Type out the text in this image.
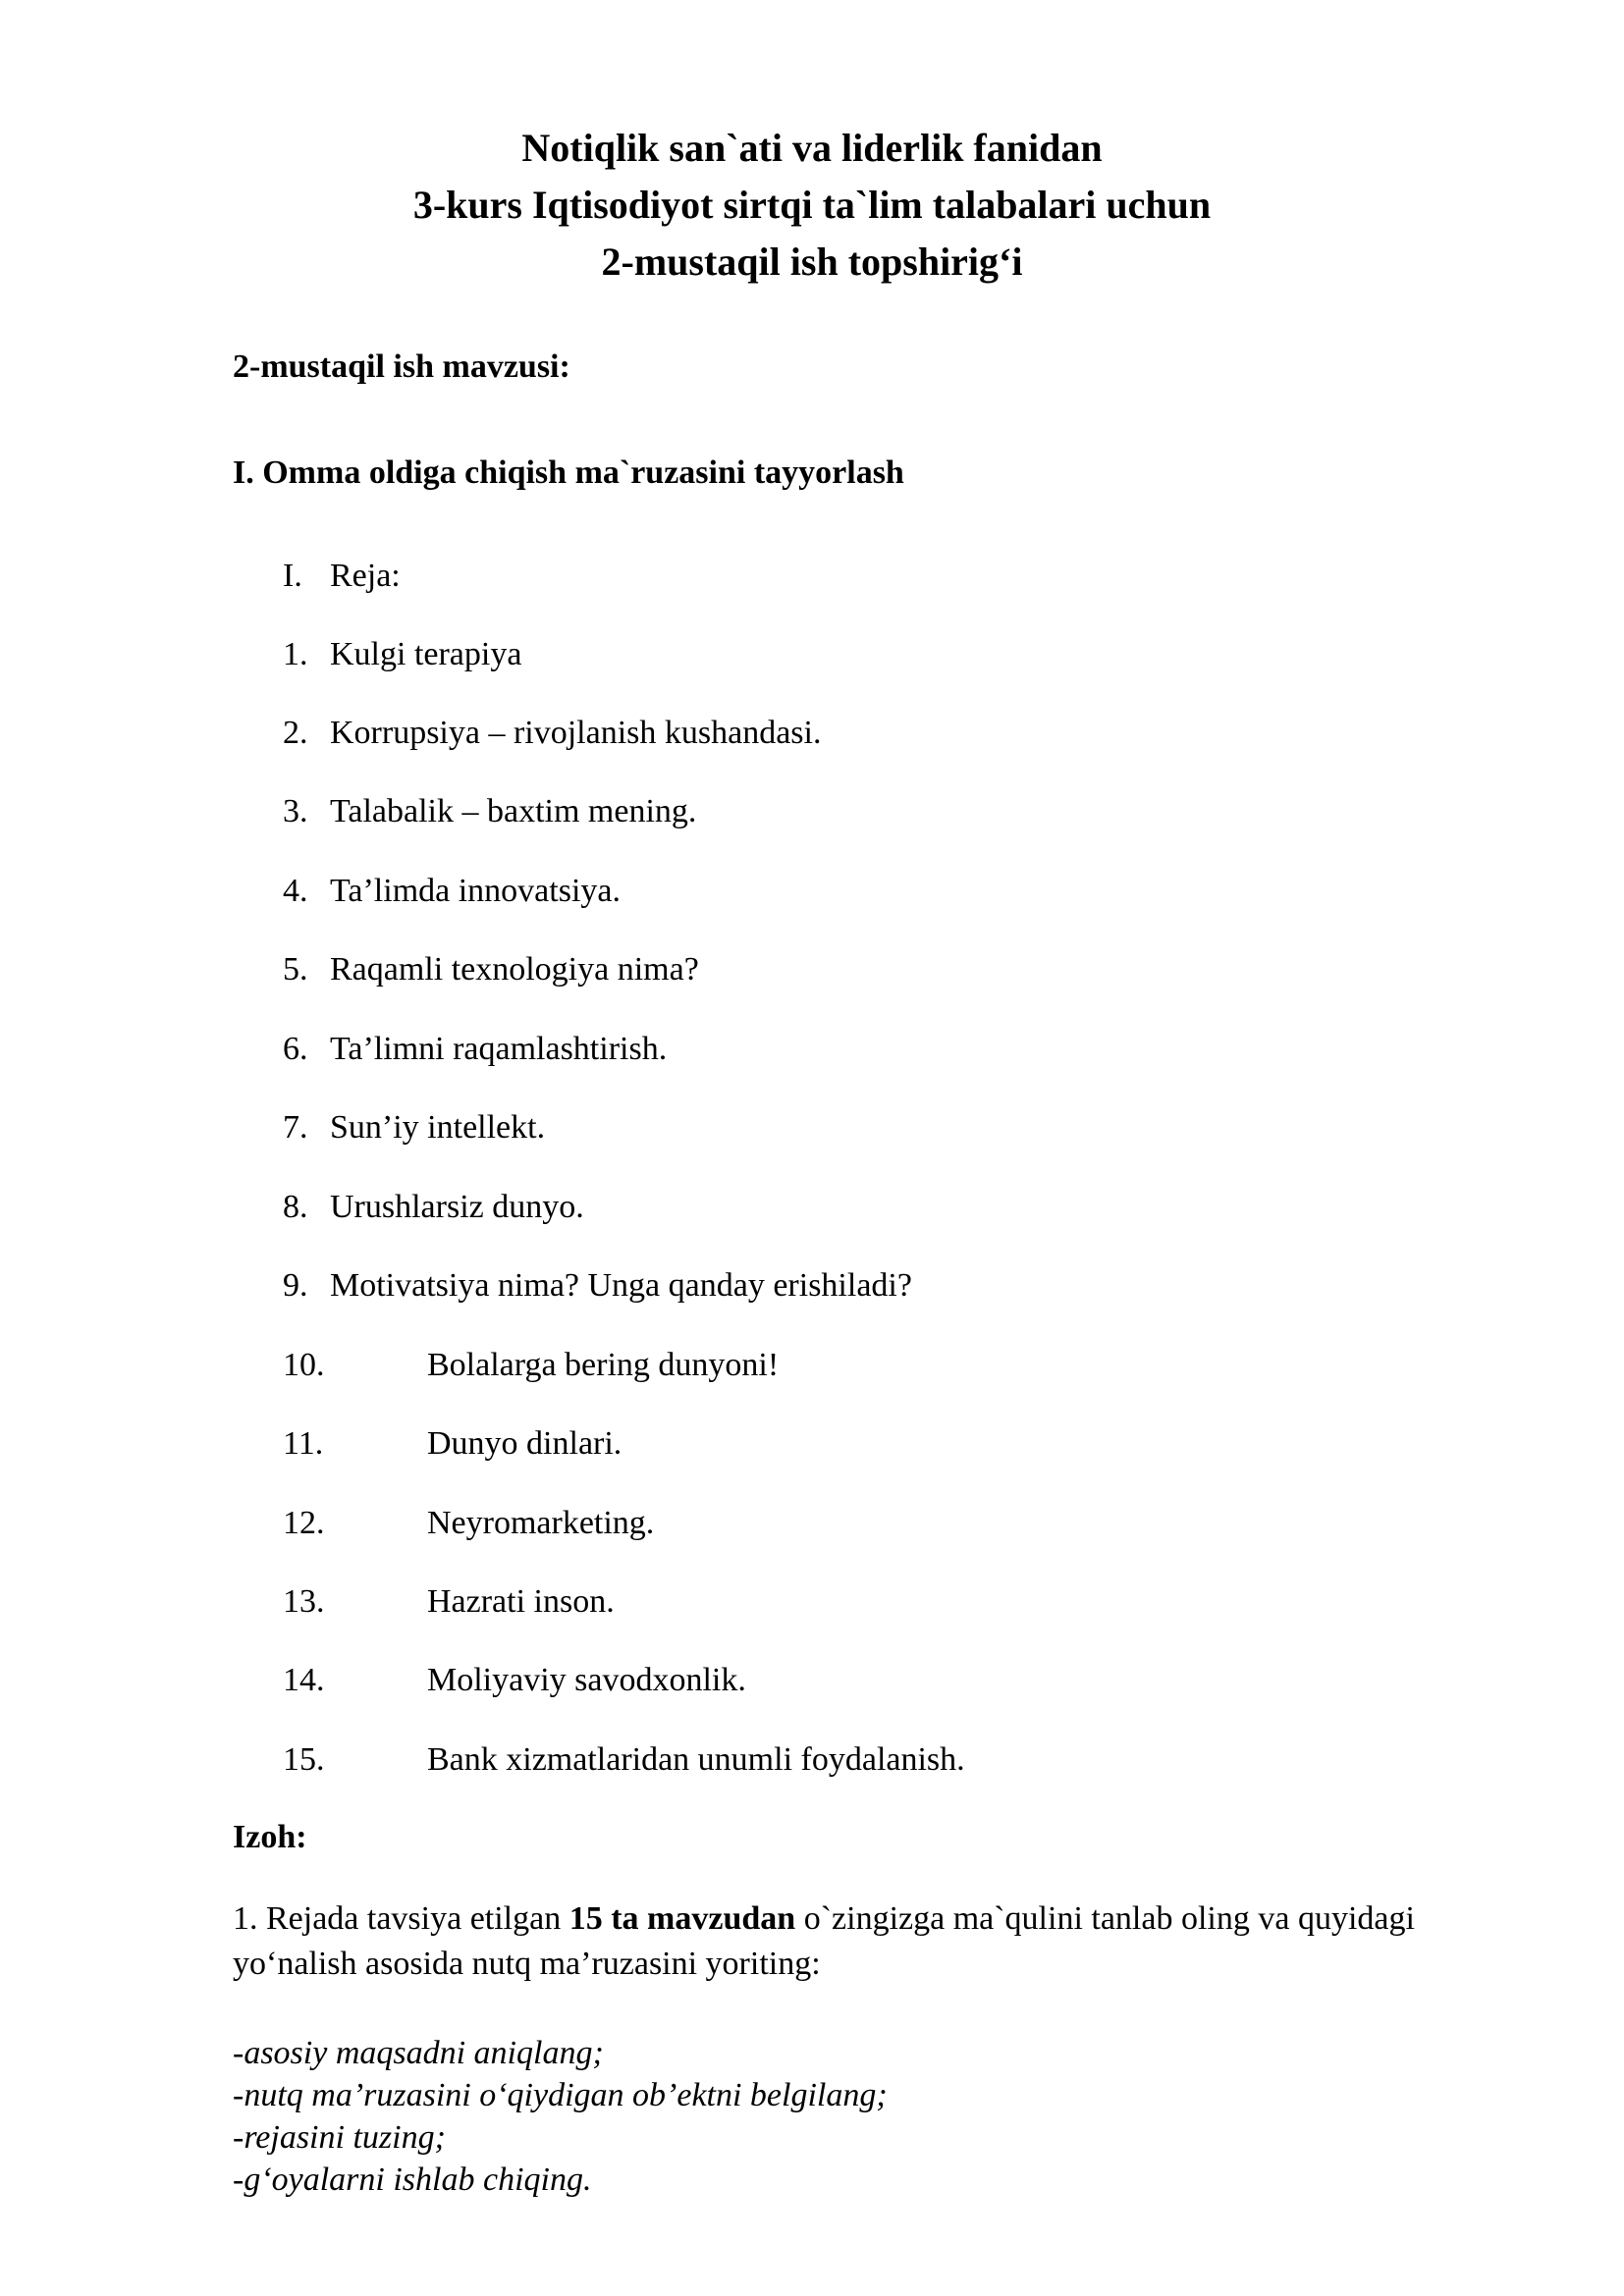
Notiqlik san`ati va liderlik fanidan
3-kurs Iqtisodiyot sirtqi ta`lim talabalari uchun
2-mustaqil ish topshirig‘i
2-mustaqil ish mavzusi:
I. Omma oldiga chiqish ma`ruzasini tayyorlash
I. Reja:
1. Kulgi terapiya
2. Korrupsiya – rivojlanish kushandasi.
3. Talabalik – baxtim mening.
4. Ta’limda innovatsiya.
5. Raqamli texnologiya nima?
6. Ta’limni raqamlashtirish.
7. Sun’iy intellekt.
8. Urushlarsiz dunyo.
9. Motivatsiya nima? Unga qanday erishiladi?
10.	Bolalarga bering dunyoni!
11.	Dunyo dinlari.
12.	Neyromarketing.
13.	Hazrati inson.
14.	Moliyaviy savodxonlik.
15.	Bank xizmatlaridan unumli foydalanish.
Izoh:
1. Rejada tavsiya etilgan 15 ta mavzudan o`zingizga ma`qulini tanlab oling va quyidagi yo‘nalish asosida nutq ma’ruzasini yoriting:
-asosiy maqsadni aniqlang;
-nutq ma’ruzasini o‘qiydigan ob’ektni belgilang;
-rejasini tuzing;
-g‘oyalarni ishlab chiqing.
